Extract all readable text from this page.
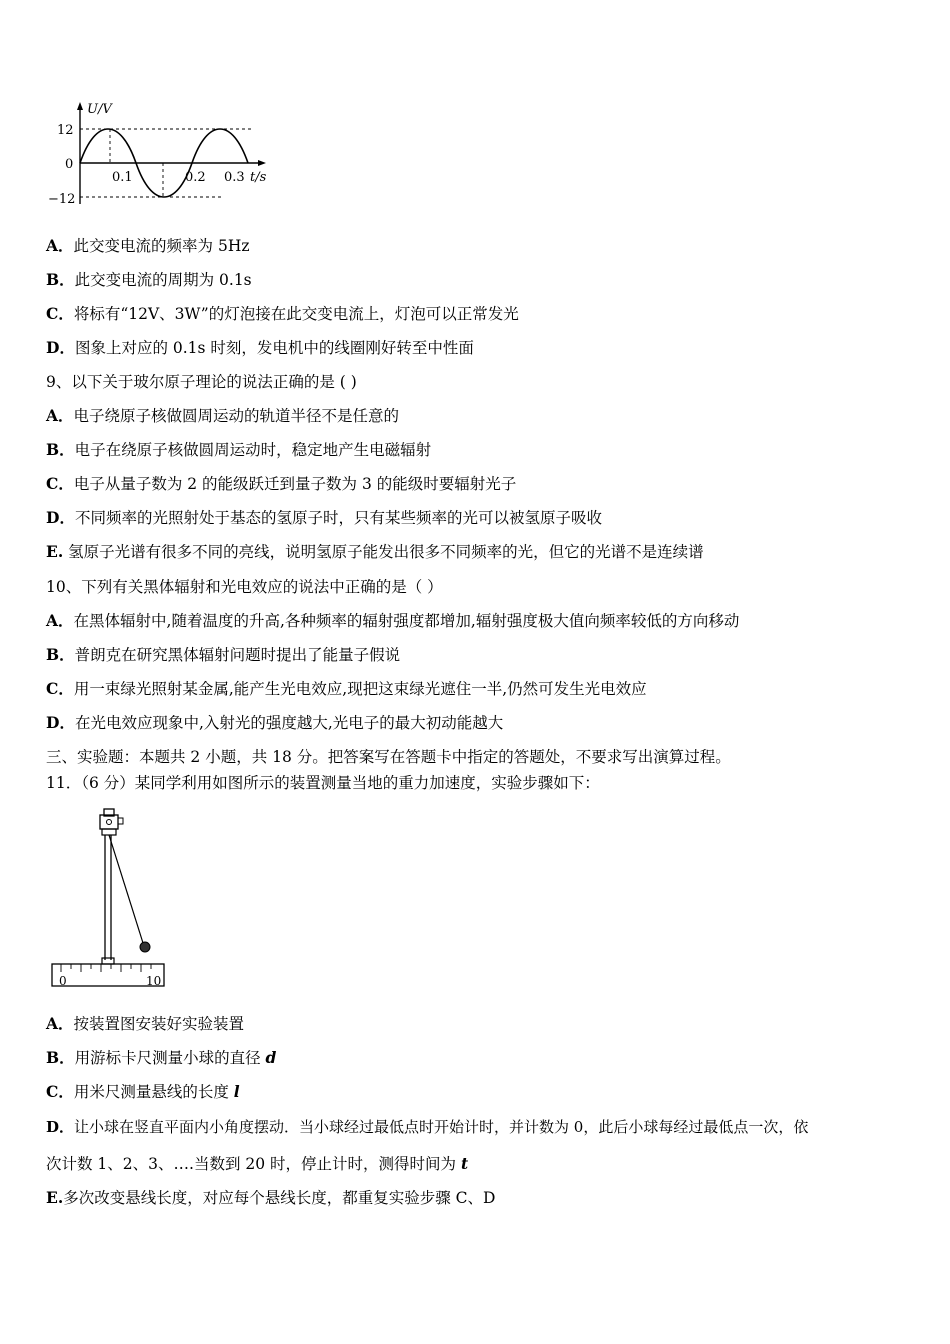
U/V
12
0
−12
0.1	0.2 0.3 t/s
A．此交变电流的频率为 5Hz
B．此交变电流的周期为 0.1s
C．将标有“12V、3W”的灯泡接在此交变电流上，灯泡可以正常发光
D．图象上对应的 0.1s 时刻，发电机中的线圈刚好转至中性面
9、以下关于玻尔原子理论的说法正确的是 ( )
A．电子绕原子核做圆周运动的轨道半径不是任意的
B．电子在绕原子核做圆周运动时，稳定地产生电磁辐射
C．电子从量子数为 2 的能级跃迁到量子数为 3 的能级时要辐射光子
D．不同频率的光照射处于基态的氢原子时，只有某些频率的光可以被氢原子吸收
E. 氢原子光谱有很多不同的亮线，说明氢原子能发出很多不同频率的光，但它的光谱不是连续谱
10、下列有关黑体辐射和光电效应的说法中正确的是（ ）
A．在黑体辐射中,随着温度的升高,各种频率的辐射强度都增加,辐射强度极大值向频率较低的方向移动
B．普朗克在研究黑体辐射问题时提出了能量子假说
C．用一束绿光照射某金属,能产生光电效应,现把这束绿光遮住一半,仍然可发生光电效应
D．在光电效应现象中,入射光的强度越大,光电子的最大初动能越大
三、实验题：本题共 2 小题，共 18 分。把答案写在答题卡中指定的答题处，不要求写出演算过程。
11．（6 分）某同学利用如图所示的装置测量当地的重力加速度，实验步骤如下：
0	10
A．按装置图安装好实验装置
B．用游标卡尺测量小球的直径 d
C．用米尺测量悬线的长度 l
D．让小球在竖直平面内小角度摆动．当小球经过最低点时开始计时，并计数为 0，此后小球每经过最低点一次，依
次计数 1、2、3、….当数到 20 时，停止计时，测得时间为 t
E.多次改变悬线长度，对应每个悬线长度，都重复实验步骤 C、D
